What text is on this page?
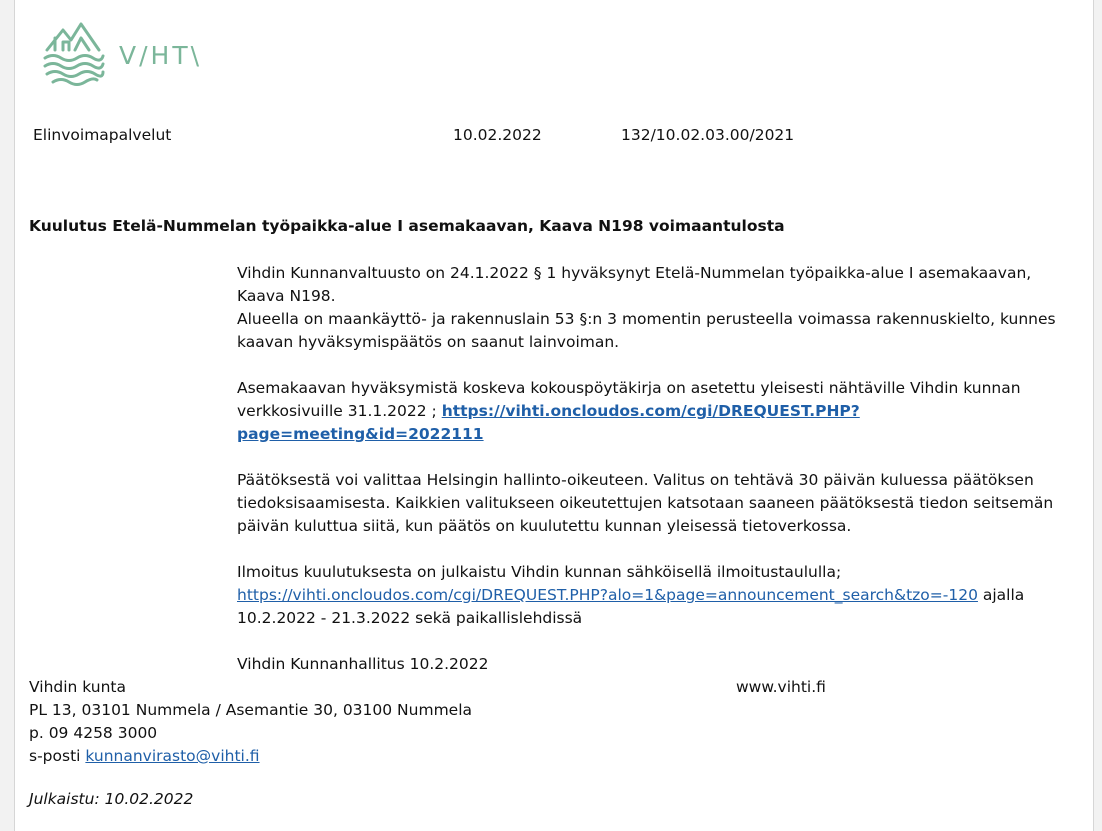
V/HT\
Elinvoimapalvelut	10.02.2022	132/10.02.03.00/2021
Kuulutus Etelä-Nummelan työpaikka-alue I asemakaavan, Kaava N198 voimaantulosta

Vihdin Kunnanvaltuusto on 24.1.2022 § 1 hyväksynyt Etelä-Nummelan työpaikka-alue I asemakaavan, Kaava N198.

Alueella on maankäyttö- ja rakennuslain 53 §:n 3 momentin perusteella voimassa rakennuskielto, kunnes kaavan hyväksymispäätös on saanut lainvoiman.

Asemakaavan hyväksymistä koskeva kokouspöytäkirja on asetettu yleisesti nähtäville Vihdin kunnan verkkosivuille 31.1.2022 ; https://vihti.oncloudos.com/cgi/DREQUEST.PHP?page=meeting&id=2022111

Päätöksestä voi valittaa Helsingin hallinto-oikeuteen. Valitus on tehtävä 30 päivän kuluessa päätöksen tiedoksisaamisesta. Kaikkien valitukseen oikeutettujen katsotaan saaneen päätöksestä tiedon seitsemän päivän kuluttua siitä, kun päätös on kuulutettu kunnan yleisessä tietoverkossa.

Ilmoitus kuulutuksesta on julkaistu Vihdin kunnan sähköisellä ilmoitustaululla;
https://vihti.oncloudos.com/cgi/DREQUEST.PHP?alo=1&page=announcement_search&tzo=-120 ajalla 10.2.2022 - 21.3.2022 sekä paikallislehdissä

Vihdin Kunnanhallitus 10.2.2022

Vihdin kunta
PL 13, 03101 Nummela / Asemantie 30, 03100 Nummela
p. 09 4258 3000
s-posti kunnanvirasto@vihti.fi
www.vihti.fi
Julkaistu: 10.02.2022
